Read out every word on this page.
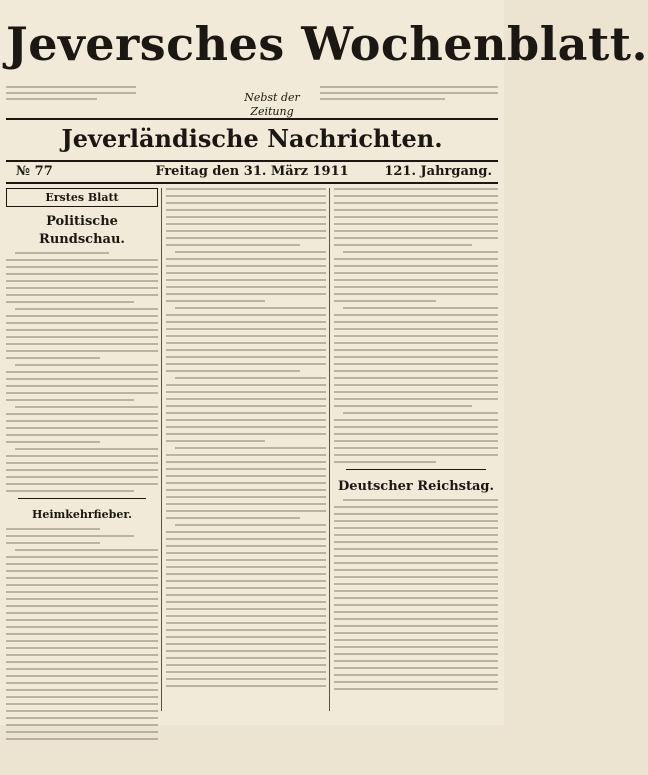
Jeversches Wochenblatt.
Nebst der Zeitung
Jeverländische Nachrichten.
Freitag den 31. März 1911
№ 77	121. Jahrgang.
Erstes Blatt
Politische Rundschau.
Heimkehrfieber.
Deutscher Reichstag.
